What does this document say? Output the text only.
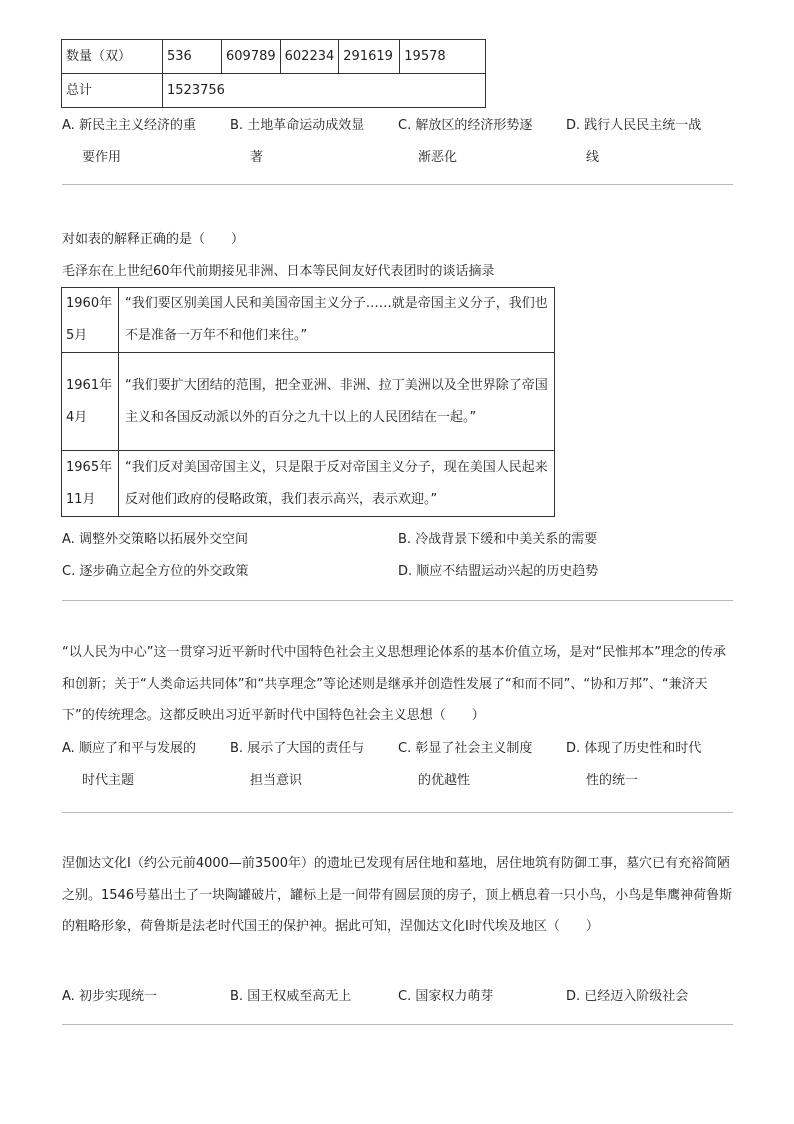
数量（双）	536	609789	602234	291619	19578
总计	1523756				
A. 新民主主义经济的重
要作用
B. 土地革命运动成效显
著
C. 解放区的经济形势逐
渐恶化
D. 践行人民民主统一战
线
对如表的解释正确的是（　　）
毛泽东在上世纪60年代前期接见非洲、日本等民间友好代表团时的谈话摘录
1960年5月	“我们要区别美国人民和美国帝国主义分子……就是帝国主义分子，我们也不是准备一万年不和他们来往。”
1961年4月	“我们要扩大团结的范围，把全亚洲、非洲、拉丁美洲以及全世界除了帝国主义和各国反动派以外的百分之九十以上的人民团结在一起。”
1965年11月	“我们反对美国帝国主义，只是限于反对帝国主义分子，现在美国人民起来反对他们政府的侵略政策，我们表示高兴，表示欢迎。”
A. 调整外交策略以拓展外交空间	B. 冷战背景下缓和中美关系的需要
C. 逐步确立起全方位的外交政策	D. 顺应不结盟运动兴起的历史趋势
“以人民为中心”这一贯穿习近平新时代中国特色社会主义思想理论体系的基本价值立场，是对“民惟邦本”理念的传承和创新；关于“人类命运共同体”和“共享理念”等论述则是继承并创造性发展了“和而不同”、“协和万邦”、“兼济天下”的传统理念。这都反映出习近平新时代中国特色社会主义思想（　　）
A. 顺应了和平与发展的
时代主题
B. 展示了大国的责任与
担当意识
C. 彰显了社会主义制度
的优越性
D. 体现了历史性和时代
性的统一
涅伽达文化Ⅰ（约公元前4000—前3500年）的遗址已发现有居住地和墓地，居住地筑有防御工事，墓穴已有充裕简陋之别。1546号墓出土了一块陶罐破片，罐标上是一间带有圆层顶的房子，顶上栖息着一只小鸟，小鸟是隼鹰神荷鲁斯的粗略形象，荷鲁斯是法老时代国王的保护神。据此可知，涅伽达文化Ⅰ时代埃及地区（　　）
A. 初步实现统一	B. 国王权威至高无上	C. 国家权力萌芽	D. 已经迈入阶级社会
